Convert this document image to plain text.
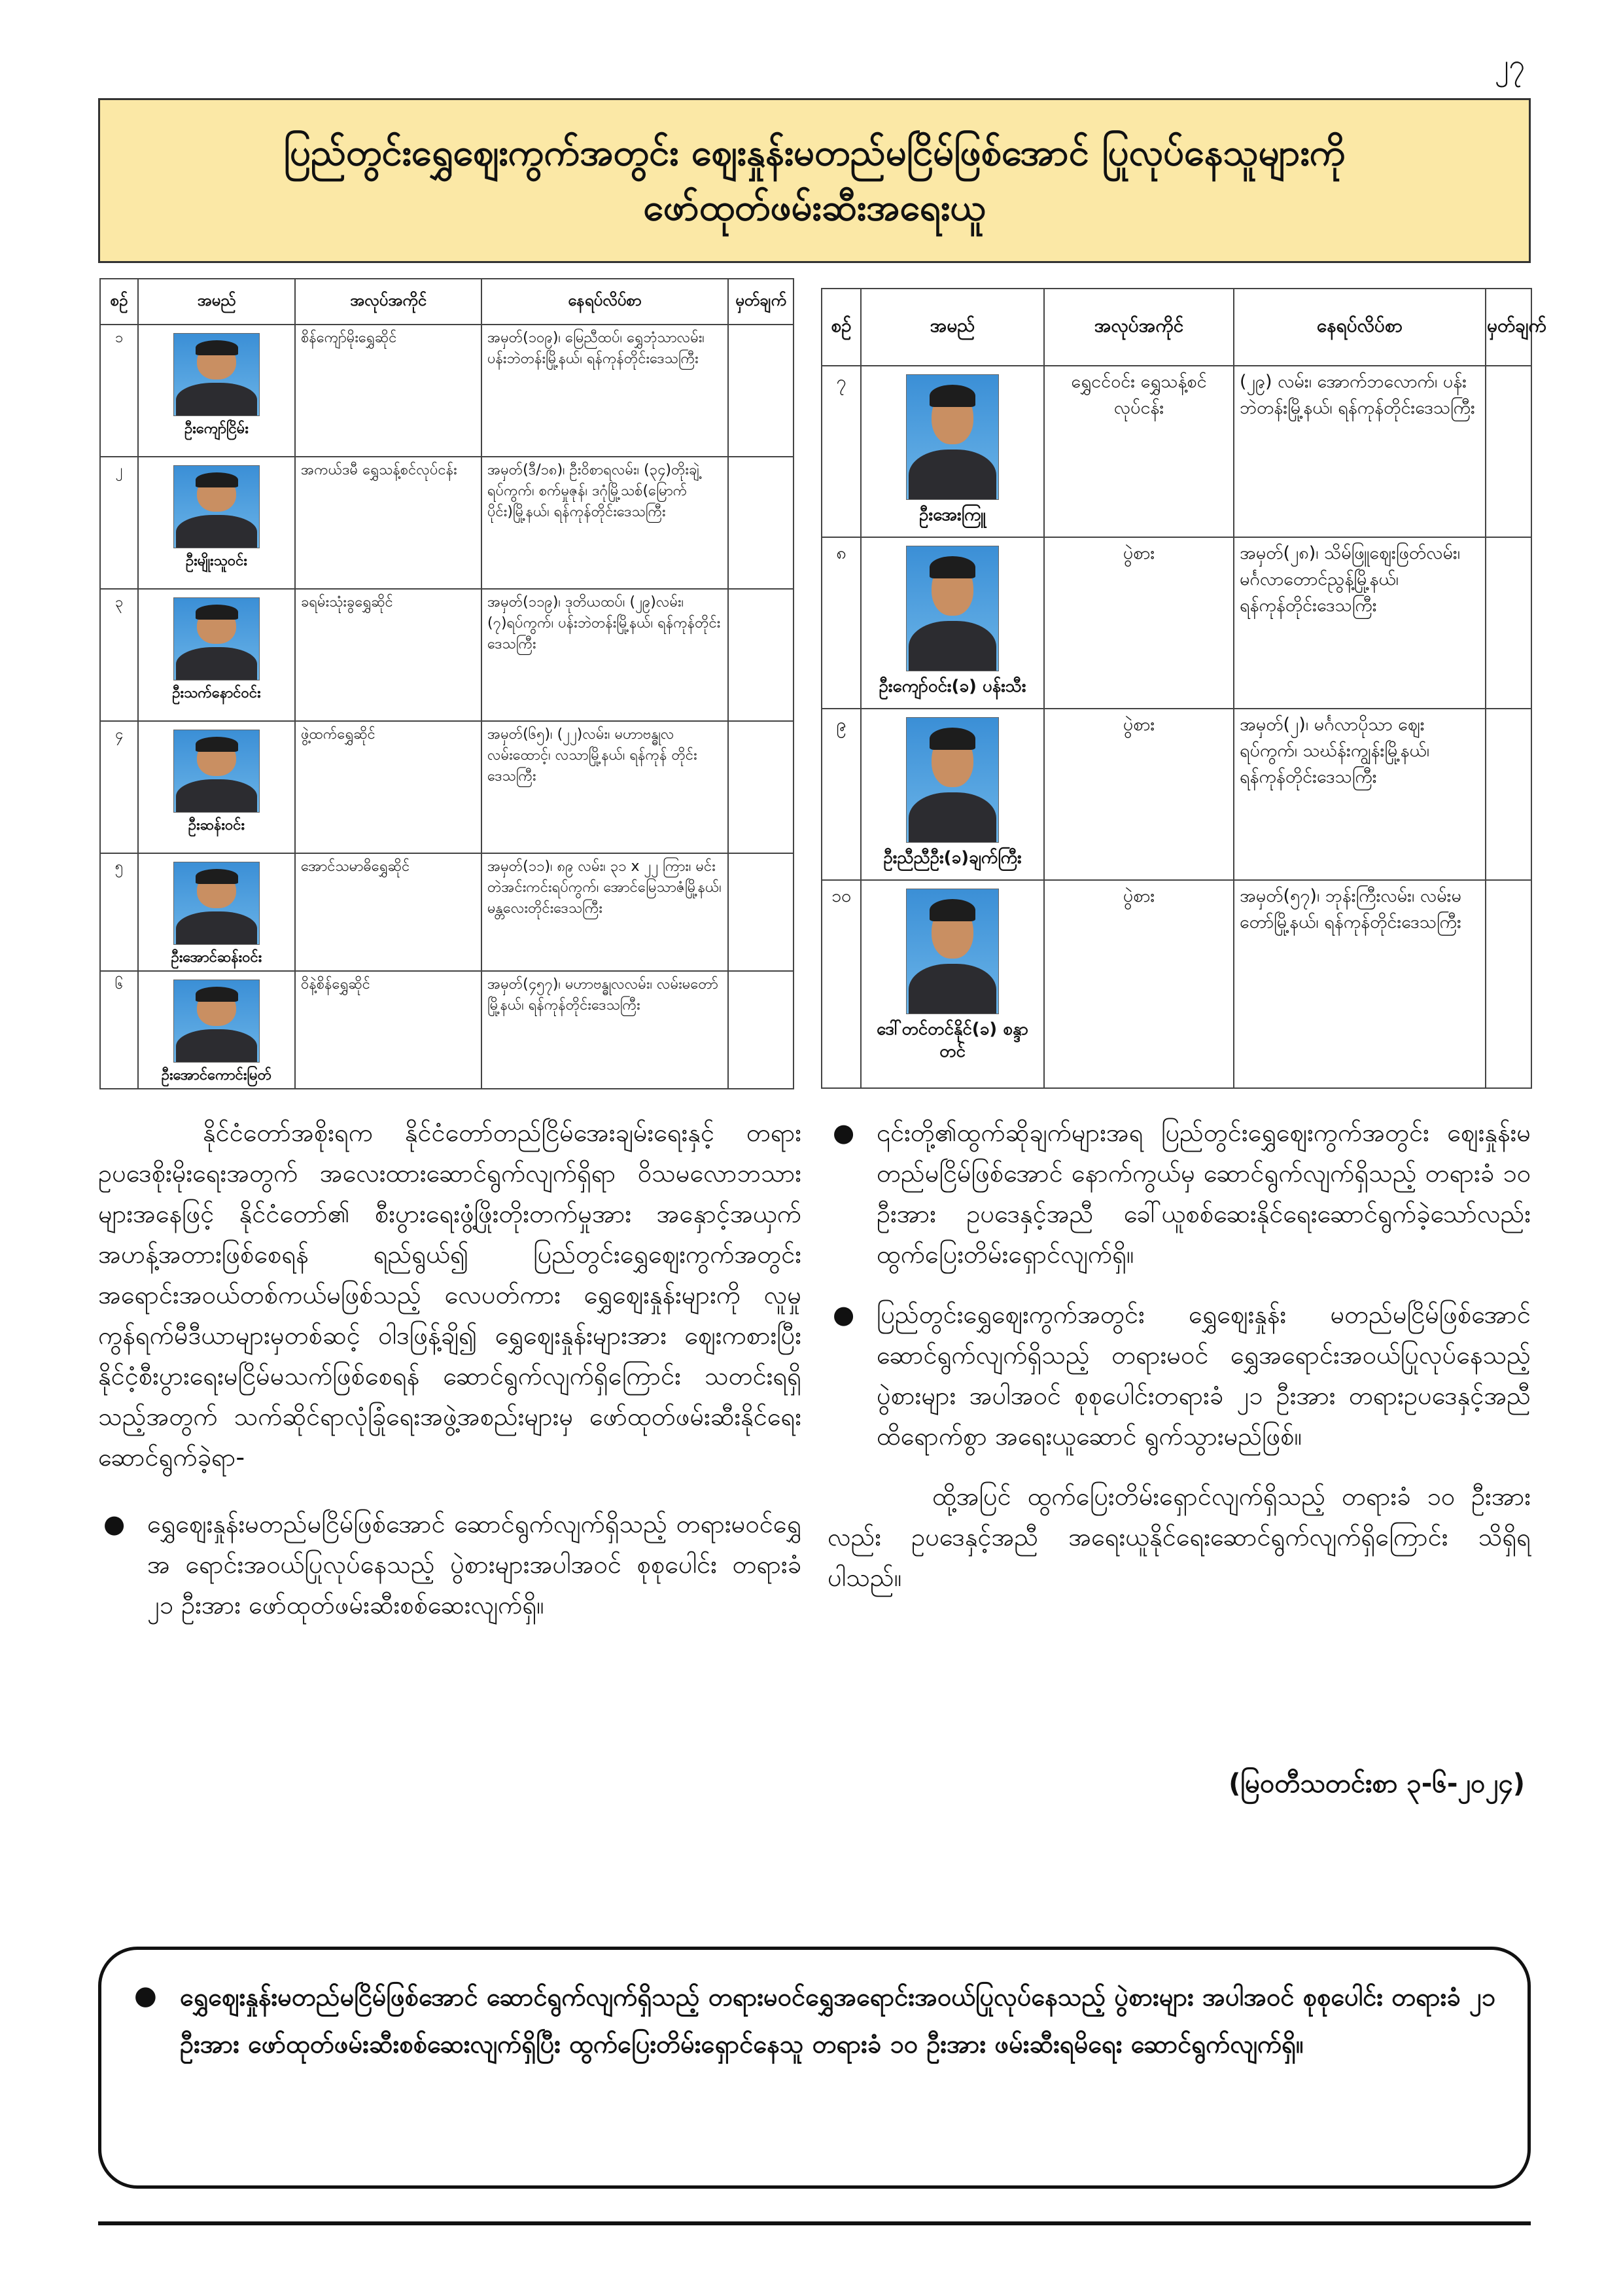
၂၇
ပြည်တွင်းရွှေဈေးကွက်အတွင်း ဈေးနှုန်းမတည်မငြိမ်ဖြစ်အောင် ပြုလုပ်နေသူများကို
ဖော်ထုတ်ဖမ်းဆီးအရေးယူ
စဉ်	အမည်	အလုပ်အကိုင်	နေရပ်လိပ်စာ	မှတ်ချက်
၁	ဦးကျော်ငြိမ်း	စိန်ကျော်မိုးရွှေဆိုင်	အမှတ်(၁၀၉)၊ မြေညီထပ်၊ ရွှေဘုံသာလမ်း၊ ပန်းဘဲတန်းမြို့နယ်၊ ရန်ကုန်တိုင်းဒေသကြီး	
၂	ဦးမျိုးသူဝင်း	အကယ်ဒမီ ရွှေသန့်စင်လုပ်ငန်း	အမှတ်(ဒီ/၁၈)၊ ဦးဝိစာရလမ်း၊ (၃၄)တိုးချဲ့ရပ်ကွက်၊ စက်မှုဇုန်၊ ဒဂုံမြို့သစ်(မြောက်ပိုင်း)မြို့နယ်၊ ရန်ကုန်တိုင်းဒေသကြီး	
၃	ဦးသက်နောင်ဝင်း	ခရမ်းသုံးခွရွှေဆိုင်	အမှတ်(၁၁၉)၊ ဒုတိယထပ်၊ (၂၉)လမ်း၊ (၇)ရပ်ကွက်၊ ပန်းဘဲတန်းမြို့နယ်၊ ရန်ကုန်တိုင်းဒေသကြီး	
၄	ဦးဆန်းဝင်း	ဖွဲ့ထက်ရွှေဆိုင်	အမှတ်(၆၅)၊ (၂၂)လမ်း၊ မဟာဗန္ဓုလလမ်းထောင့်၊ လသာမြို့နယ်၊ ရန်ကုန် တိုင်းဒေသကြီး	
၅	ဦးအောင်ဆန်းဝင်း	အောင်သမာဓိရွှေဆိုင်	အမှတ်(၁၁)၊ ၈၉ လမ်း၊ ၃၁ x ၂၂ ကြား၊ မင်းတဲအင်းကင်းရပ်ကွက်၊ အောင်မြေသာဇံမြို့နယ်၊ မန္တလေးတိုင်းဒေသကြီး	
၆	ဦးအောင်ကောင်းမြတ်	ဝိနဲ့စိန်ရွှေဆိုင်	အမှတ်(၄၅၇)၊ မဟာဗန္ဓုလလမ်း၊ လမ်းမတော်မြို့နယ်၊ ရန်ကုန်တိုင်းဒေသကြီး	
စဉ်	အမည်	အလုပ်အကိုင်	နေရပ်လိပ်စာ	မှတ်ချက်
၇	ဦးအေးကြူ	ရွှေငင်ဝင်း ရွှေသန့်စင်လုပ်ငန်း	(၂၉) လမ်း၊ အောက်ဘလောက်၊ ပန်းဘဲတန်းမြို့နယ်၊ ရန်ကုန်တိုင်းဒေသကြီး	
၈	ဦးကျော်ဝင်း(ခ) ပန်းသီး	ပွဲစား	အမှတ်(၂၈)၊ သိမ်ဖြူဈေးဖြတ်လမ်း၊ မင်္ဂလာတောင်ညွန့်မြို့နယ်၊ ရန်ကုန်တိုင်းဒေသကြီး	
၉	ဦးညီညီဦး(ခ)ချက်ကြီး	ပွဲစား	အမှတ်(၂)၊ မင်္ဂလာပိုသာ ဈေးရပ်ကွက်၊ သဃ်န်းကျွန်းမြို့နယ်၊ ရန်ကုန်တိုင်းဒေသကြီး	
၁၀	ဒေါ်တင်တင်နိုင်(ခ) စန္ဒာတင်	ပွဲစား	အမှတ်(၅၇)၊ ဘုန်းကြီးလမ်း၊ လမ်းမတော်မြို့နယ်၊ ရန်ကုန်တိုင်းဒေသကြီး	

နိုင်ငံတော်အစိုးရက နိုင်ငံတော်တည်ငြိမ်အေးချမ်းရေးနှင့် တရားဥပဒေစိုးမိုးရေးအတွက် အလေးထားဆောင်ရွက်လျက်ရှိရာ ဝိသမလောဘသားများအနေဖြင့် နိုင်ငံတော်၏ စီးပွားရေးဖွံ့ဖြိုးတိုးတက်မှုအား အနှောင့်အယှက် အဟန့်အတားဖြစ်စေရန် ရည်ရွယ်၍ ပြည်တွင်းရွှေဈေးကွက်အတွင်း အရောင်းအဝယ်တစ်ကယ်မဖြစ်သည့် လေပတ်ကား ရွှေဈေးနှုန်းများကို လူမှုကွန်ရက်မီဒီယာများမှတစ်ဆင့် ဝါဒဖြန့်ချိ၍ ရွှေဈေးနှုန်းများအား ဈေးကစားပြီး နိုင်ငံ့စီးပွားရေးမငြိမ်မသက်ဖြစ်စေရန် ဆောင်ရွက်လျက်ရှိကြောင်း သတင်းရရှိသည့်အတွက် သက်ဆိုင်ရာလုံခြုံရေးအဖွဲ့အစည်းများမှ ဖော်ထုတ်ဖမ်းဆီးနိုင်ရေး ဆောင်ရွက်ခဲ့ရာ-

● ရွှေဈေးနှုန်းမတည်မငြိမ်ဖြစ်အောင် ဆောင်ရွက်လျက်ရှိသည့် တရားမဝင်ရွှေအ ရောင်းအဝယ်ပြုလုပ်နေသည့် ပွဲစားများအပါအဝင် စုစုပေါင်း တရားခံ ၂၁ ဦးအား ဖော်ထုတ်ဖမ်းဆီးစစ်ဆေးလျက်ရှိ။
● ၎င်းတို့၏ထွက်ဆိုချက်များအရ ပြည်တွင်းရွှေဈေးကွက်အတွင်း ဈေးနှုန်းမတည်မငြိမ်ဖြစ်အောင် နောက်ကွယ်မှ ဆောင်ရွက်လျက်ရှိသည့် တရားခံ ၁၀ ဦးအား ဥပဒေနှင့်အညီ ခေါ်ယူစစ်ဆေးနိုင်ရေးဆောင်ရွက်ခဲ့သော်လည်း ထွက်ပြေးတိမ်းရှောင်လျက်ရှိ။
● ပြည်တွင်းရွှေဈေးကွက်အတွင်း ရွှေဈေးနှုန်း မတည်မငြိမ်ဖြစ်အောင် ဆောင်ရွက်လျက်ရှိသည့် တရားမဝင် ရွှေအရောင်းအဝယ်ပြုလုပ်နေသည့်ပွဲစားများ အပါအဝင် စုစုပေါင်းတရားခံ ၂၁ ဦးအား တရားဥပဒေနှင့်အညီ ထိရောက်စွာ အရေးယူဆောင် ရွက်သွားမည်ဖြစ်။

ထို့အပြင် ထွက်ပြေးတိမ်းရှောင်လျက်ရှိသည့် တရားခံ ၁၀ ဦးအားလည်း ဥပဒေနှင့်အညီ အရေးယူနိုင်ရေးဆောင်ရွက်လျက်ရှိကြောင်း သိရှိရပါသည်။

(မြဝတီသတင်းစာ ၃-၆-၂၀၂၄)
● ရွှေဈေးနှုန်းမတည်မငြိမ်ဖြစ်အောင် ဆောင်ရွက်လျက်ရှိသည့် တရားမဝင်ရွှေအရောင်းအဝယ်ပြုလုပ်နေသည့် ပွဲစားများ အပါအဝင် စုစုပေါင်း တရားခံ ၂၁ ဦးအား ဖော်ထုတ်ဖမ်းဆီးစစ်ဆေးလျက်ရှိပြီး ထွက်ပြေးတိမ်းရှောင်နေသူ တရားခံ ၁၀ ဦးအား ဖမ်းဆီးရမိရေး ဆောင်ရွက်လျက်ရှိ။
